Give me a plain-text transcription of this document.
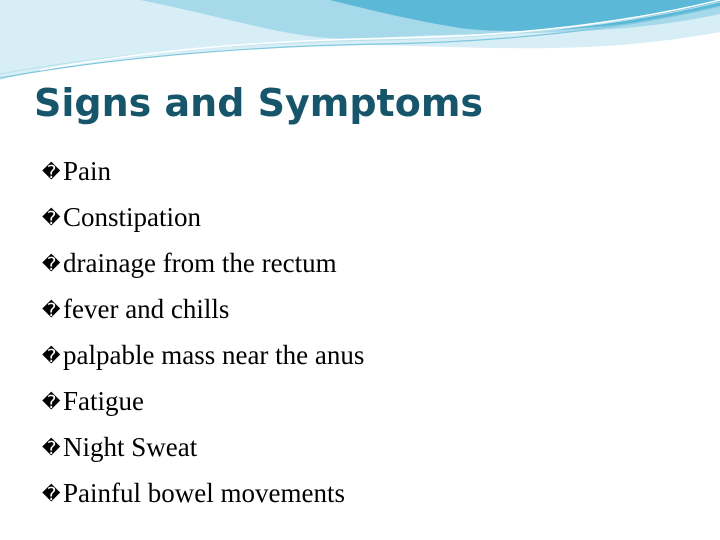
Signs and Symptoms
�Pain
�Constipation
�drainage from the rectum
�fever and chills
�palpable mass near the anus
�Fatigue
�Night Sweat
�Painful bowel movements
